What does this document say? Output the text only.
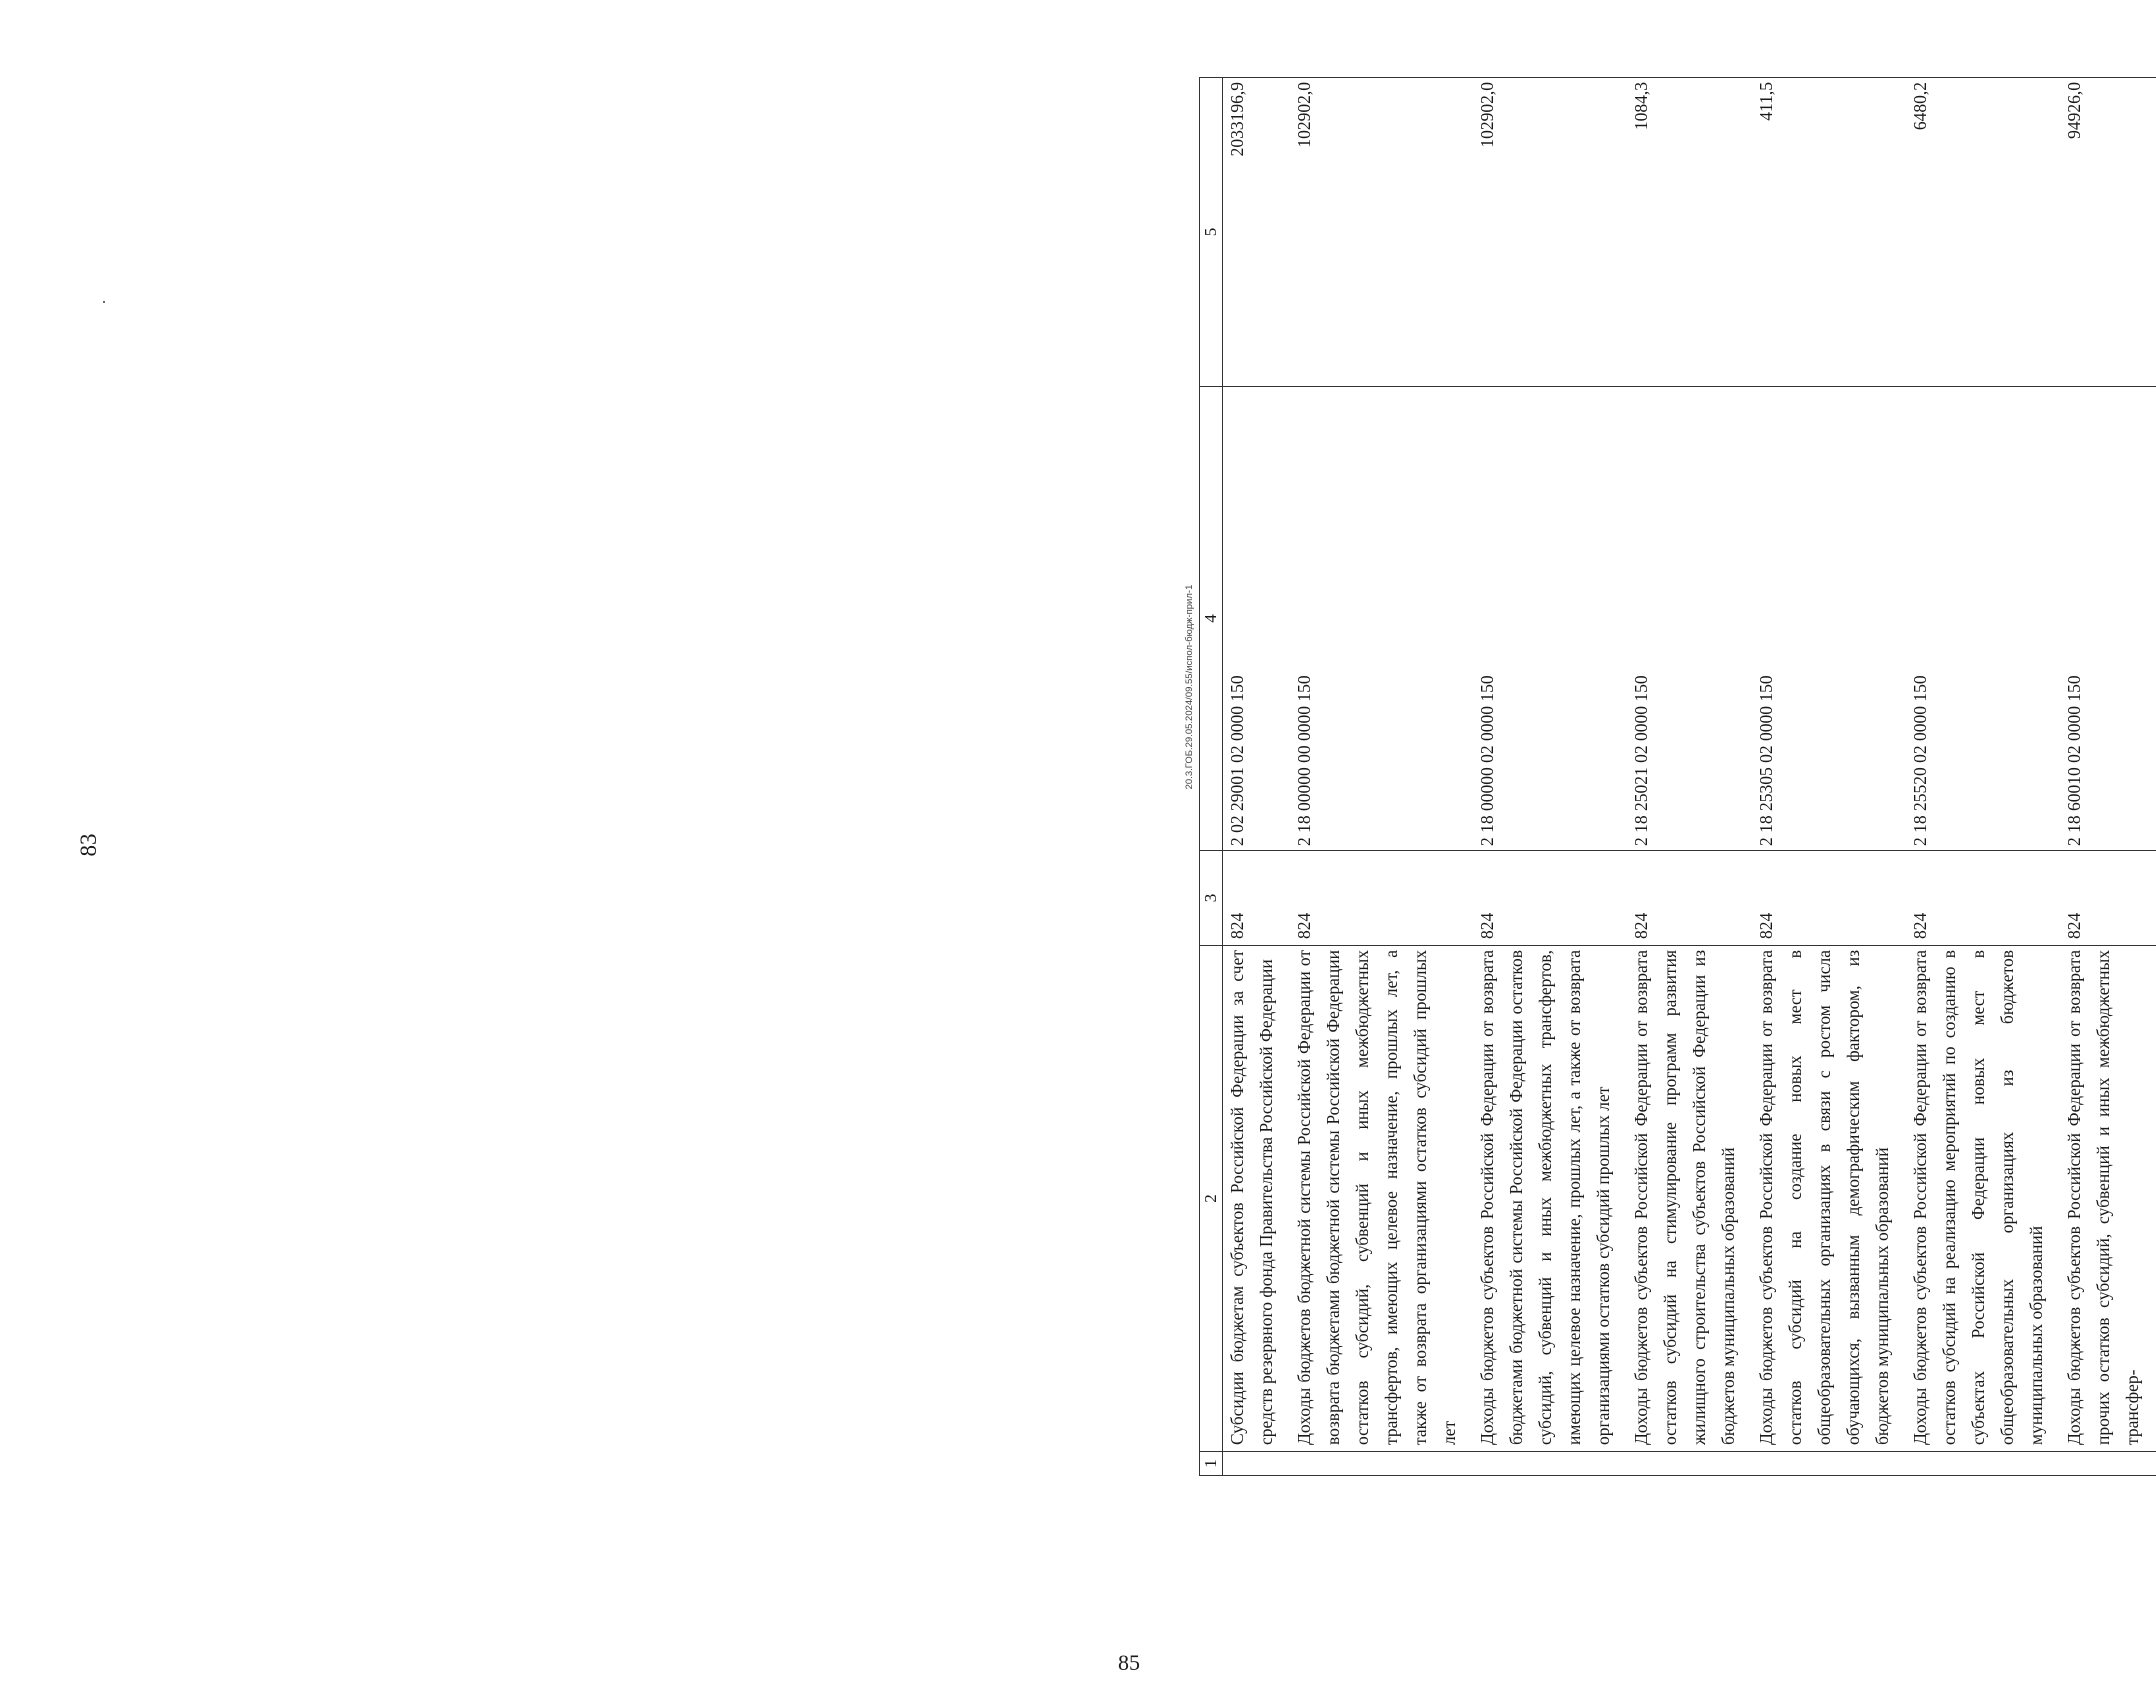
83
20.3.ГОБ.29.05.2024/09.55/испол-бюдж-прил-1
1	2	3	4	5
	Субсидии бюджетам субъектов Российской Федерации за счет средств резервного фонда Правительства Российской Федерации	824	2 02 29001 02 0000 150	2033196,9
	Доходы бюджетов бюджетной системы Российской Федерации от возврата бюджетами бюджетной системы Российской Федерации остатков субсидий, субвенций и иных межбюджетных трансфертов, имеющих целевое назначение, прошлых лет, а также от возврата организациями остатков субсидий прошлых лет	824	2 18 00000 00 0000 150	102902,0
	Доходы бюджетов субъектов Российской Федерации от возврата бюджетами бюджетной системы Российской Федерации остатков субсидий, субвенций и иных межбюджетных трансфертов, имеющих целевое назначение, прошлых лет, а также от возврата организациями остатков субсидий прошлых лет	824	2 18 00000 02 0000 150	102902,0
	Доходы бюджетов субъектов Российской Федерации от возврата остатков субсидий на стимулирование программ развития жилищного строительства субъектов Российской Федерации из бюджетов муниципальных образований	824	2 18 25021 02 0000 150	1084,3
	Доходы бюджетов субъектов Российской Федерации от возврата остатков субсидий на создание новых мест в общеобразовательных организациях в связи с ростом числа обучающихся, вызванным демографическим фактором, из бюджетов муниципальных образований	824	2 18 25305 02 0000 150	411,5
	Доходы бюджетов субъектов Российской Федерации от возврата остатков субсидий на реализацию мероприятий по созданию в субъектах Российской Федерации новых мест в общеобразовательных организациях из бюджетов муниципальных образований	824	2 18 25520 02 0000 150	6480,2
	Доходы бюджетов субъектов Российской Федерации от возврата прочих остатков субсидий, субвенций и иных межбюджетных трансфер-	824	2 18 60010 02 0000 150	94926,0
85
